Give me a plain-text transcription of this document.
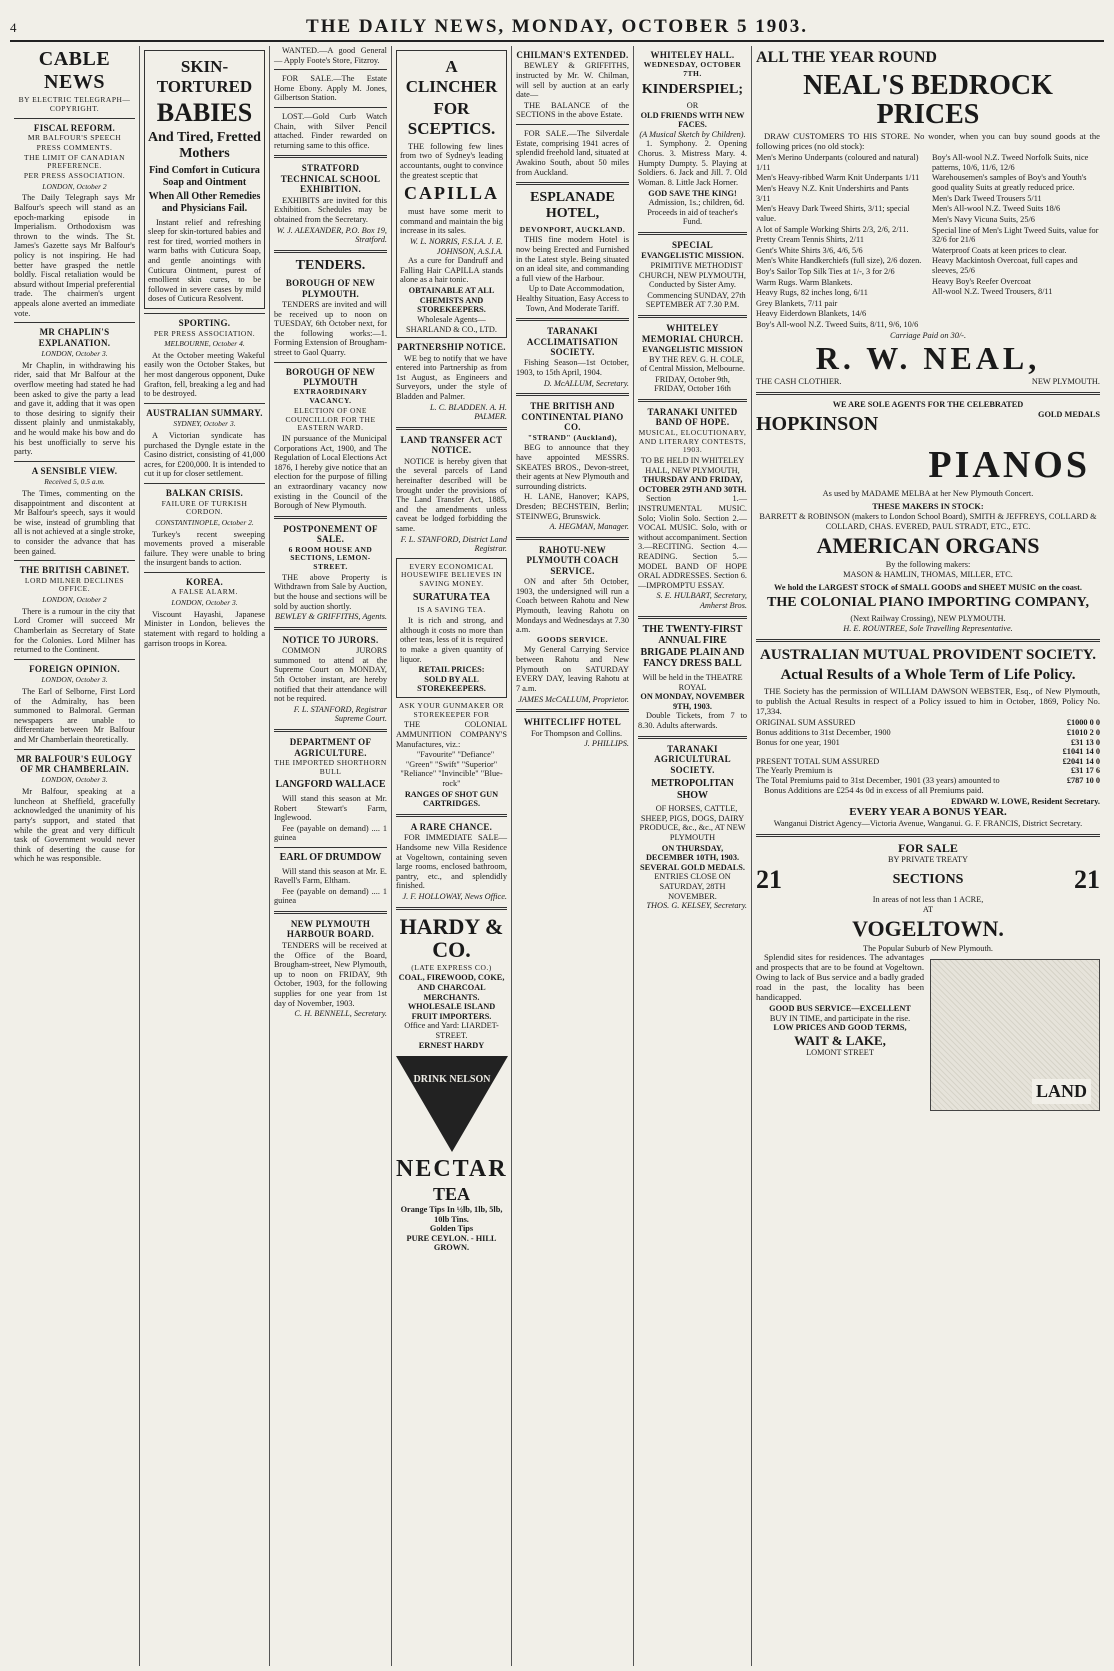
4	THE DAILY NEWS, MONDAY, OCTOBER 5 1903.
CABLE NEWS
BY ELECTRIC TELEGRAPH—COPYRIGHT.
FISCAL REFORM.
MR BALFOUR'S SPEECH
PRESS COMMENTS.
THE LIMIT OF CANADIAN PREFERENCE.
PER PRESS ASSOCIATION.
LONDON, October 2

The Daily Telegraph says Mr Balfour's speech will stand as an epoch-marking episode in Imperialism. Orthodoxism was thrown to the winds. The St. James's Gazette says Mr Balfour's policy is not inspiring. He had better have grasped the nettle boldly. Fiscal retaliation would be absurd without Imperial preferential trade. The chairmen's urgent appeals alone averted an immediate vote.

MR CHAPLIN'S EXPLANATION.
LONDON, October 3.

Mr Chaplin, in withdrawing his rider, said that Mr Balfour at the overflow meeting had stated he had been asked to give the party a lead and gave it, adding that it was open to those desiring to signify their dissent plainly and unmistakably, and he would make his bow and do his best unofficially to serve his party.

A SENSIBLE VIEW.
Received 5, 0.5 a.m.

The Times, commenting on the disappointment and discontent at Mr Balfour's speech, says it would be wise, instead of grumbling that all is not achieved at a single stroke, to consider the advance that has been gained.

THE BRITISH CABINET.
LORD MILNER DECLINES OFFICE.
LONDON, October 2

There is a rumour in the city that Lord Cromer will succeed Mr Chamberlain as Secretary of State for the Colonies. Lord Milner has returned to the Continent.

FOREIGN OPINION.
LONDON, October 3.

The Earl of Selborne, First Lord of the Admiralty, has been summoned to Balmoral. German newspapers are unable to differentiate between Mr Balfour and Mr Chamberlain theoretically.

MR BALFOUR'S EULOGY OF MR CHAMBERLAIN.
LONDON, October 3.

Mr Balfour, speaking at a luncheon at Sheffield, gracefully acknowledged the unanimity of his party's support, and stated that while the great and very difficult task of Government would never think of deserting the cause for which he was responsible.

SKIN-TORTURED
BABIES
And Tired, Fretted Mothers
Find Comfort in Cuticura Soap and Ointment
When All Other Remedies and Physicians Fail.

Instant relief and refreshing sleep for skin-tortured babies and rest for tired, worried mothers in warm baths with Cuticura Soap, and gentle anointings with Cuticura Ointment, purest of emollient skin cures, to be followed in severe cases by mild doses of Cuticura Resolvent.

SPORTING.
PER PRESS ASSOCIATION.
MELBOURNE, October 4.

At the October meeting Wakeful easily won the October Stakes, but her most dangerous opponent, Duke Grafton, fell, breaking a leg and had to be destroyed.

AUSTRALIAN SUMMARY.
SYDNEY, October 3.

A Victorian syndicate has purchased the Dyngle estate in the Casino district, consisting of 41,000 acres, for £200,000. It is intended to cut it up for closer settlement.

BALKAN CRISIS.
FAILURE OF TURKISH CORDON.
CONSTANTINOPLE, October 2.

Turkey's recent sweeping movements proved a miserable failure. They were unable to bring the insurgent bands to action.

KOREA.
A FALSE ALARM.
LONDON, October 3.

Viscount Hayashi, Japanese Minister in London, believes the statement with regard to holding a garrison troops in Korea.

WANTED.—A good General — Apply Foote's Store, Fitzroy.

FOR SALE.—The Estate Home Ebony. Apply M. Jones, Gilbertson Station.

LOST.—Gold Curb Watch Chain, with Silver Pencil attached. Finder rewarded on returning same to this office.

STRATFORD TECHNICAL SCHOOL EXHIBITION.

EXHIBITS are invited for this Exhibition. Schedules may be obtained from the Secretary.

W. J. ALEXANDER, P.O. Box 19, Stratford.
TENDERS.
BOROUGH OF NEW PLYMOUTH.

TENDERS are invited and will be received up to noon on TUESDAY, 6th October next, for the following works:—1. Forming Extension of Brougham-street to Gaol Quarry.

BOROUGH OF NEW PLYMOUTH
EXTRAORDINARY VACANCY.
ELECTION OF ONE COUNCILLOR FOR THE EASTERN WARD.

IN pursuance of the Municipal Corporations Act, 1900, and The Regulation of Local Elections Act 1876, I hereby give notice that an election for the purpose of filling an extraordinary vacancy now existing in the Council of the Borough of New Plymouth.

POSTPONEMENT OF SALE.
6 ROOM HOUSE AND SECTIONS, LEMON-STREET.

THE above Property is Withdrawn from Sale by Auction, but the house and sections will be sold by auction shortly.

BEWLEY & GRIFFITHS, Agents.
NOTICE TO JURORS.

COMMON JURORS summoned to attend at the Supreme Court on MONDAY, 5th October instant, are hereby notified that their attendance will not be required.

F. L. STANFORD, Registrar Supreme Court.
DEPARTMENT OF AGRICULTURE.
THE IMPORTED SHORTHORN BULL
LANGFORD WALLACE

Will stand this season at Mr. Robert Stewart's Farm, Inglewood.

Fee (payable on demand) .... 1 guinea

EARL OF DRUMDOW

Will stand this season at Mr. E. Ravell's Farm, Eltham.

Fee (payable on demand) .... 1 guinea

NEW PLYMOUTH HARBOUR BOARD.

TENDERS will be received at the Office of the Board, Brougham-street, New Plymouth, up to noon on FRIDAY, 9th October, 1903, for the following supplies for one year from 1st day of November, 1903.

C. H. BENNELL, Secretary.
A CLINCHER
FOR SCEPTICS.

THE following few lines from two of Sydney's leading accountants, ought to convince the greatest sceptic that

CAPILLA

must have some merit to command and maintain the big increase in its sales.

W. L. NORRIS, F.S.I.A. J. E. JOHNSON, A.S.I.A.

As a cure for Dandruff and Falling Hair CAPILLA stands alone as a hair tonic.

OBTAINABLE AT ALL CHEMISTS AND STOREKEEPERS.
Wholesale Agents—SHARLAND & CO., LTD.
PARTNERSHIP NOTICE.

WE beg to notify that we have entered into Partnership as from 1st August, as Engineers and Surveyors, under the style of Bladden and Palmer.

L. C. BLADDEN. A. H. PALMER.
LAND TRANSFER ACT NOTICE.

NOTICE is hereby given that the several parcels of Land hereinafter described will be brought under the provisions of The Land Transfer Act, 1885, and the amendments unless caveat be lodged forbidding the same.

F. L. STANFORD, District Land Registrar.
EVERY ECONOMICAL HOUSEWIFE BELIEVES IN SAVING MONEY.
SURATURA TEA
IS A SAVING TEA.

It is rich and strong, and although it costs no more than other teas, less of it is required to make a given quantity of liquor.

RETAIL PRICES:
SOLD BY ALL STOREKEEPERS.
ASK YOUR GUNMAKER OR STOREKEEPER FOR

THE COLONIAL AMMUNITION COMPANY'S Manufactures, viz.:

"Favourite" "Defiance" "Green" "Swift" "Superior" "Reliance" "Invincible" "Blue-rock"

RANGES OF SHOT GUN CARTRIDGES.
A RARE CHANCE.

FOR IMMEDIATE SALE—Handsome new Villa Residence at Vogeltown, containing seven large rooms, enclosed bathroom, pantry, etc., and splendidly finished.

J. F. HOLLOWAY, News Office.
HARDY & CO.
(LATE EXPRESS CO.)
COAL, FIREWOOD, COKE, AND CHARCOAL MERCHANTS.
WHOLESALE ISLAND FRUIT IMPORTERS.
Office and Yard: LIARDET-STREET.
ERNEST HARDY
DRINK NELSON
NECTAR
TEA
Orange Tips In ½lb, 1lb, 5lb, 10lb Tins.
Golden Tips
PURE CEYLON. - HILL GROWN.
CHILMAN'S EXTENDED.

BEWLEY & GRIFFITHS, instructed by Mr. W. Chilman, will sell by auction at an early date—

THE BALANCE of the SECTIONS in the above Estate.

FOR SALE.—The Silverdale Estate, comprising 1941 acres of splendid freehold land, situated at Awakino South, about 50 miles from Auckland.

ESPLANADE HOTEL,
DEVONPORT, AUCKLAND.

THIS fine modern Hotel is now being Erected and Furnished in the Latest style. Being situated on an ideal site, and commanding a full view of the Harbour.

Up to Date Accommodation, Healthy Situation, Easy Access to Town, And Moderate Tariff.

TARANAKI ACCLIMATISATION SOCIETY.

Fishing Season—1st October, 1903, to 15th April, 1904.

D. McALLUM, Secretary.
THE BRITISH AND CONTINENTAL PIANO CO.
"STRAND" (Auckland),

BEG to announce that they have appointed MESSRS. SKEATES BROS., Devon-street, their agents at New Plymouth and surrounding districts.

H. LANE, Hanover; KAPS, Dresden; BECHSTEIN, Berlin; STEINWEG, Brunswick.

A. HEGMAN, Manager.
RAHOTU-NEW PLYMOUTH COACH SERVICE.

ON and after 5th October, 1903, the undersigned will run a Coach between Rahotu and New Plymouth, leaving Rahotu on Mondays and Wednesdays at 7.30 a.m.

GOODS SERVICE.

My General Carrying Service between Rahotu and New Plymouth on SATURDAY EVERY DAY, leaving Rahotu at 7 a.m.

JAMES McCALLUM, Proprietor.
WHITECLIFF HOTEL

For Thompson and Collins.

J. PHILLIPS.
WHITELEY HALL.
WEDNESDAY, OCTOBER 7TH.
KINDERSPIEL;
OR
OLD FRIENDS WITH NEW FACES.
(A Musical Sketch by Children).

1. Symphony. 2. Opening Chorus. 3. Mistress Mary. 4. Humpty Dumpty. 5. Playing at Soldiers. 6. Jack and Jill. 7. Old Woman. 8. Little Jack Horner.

GOD SAVE THE KING!

Admission, 1s.; children, 6d. Proceeds in aid of teacher's Fund.

SPECIAL
EVANGELISTIC MISSION.

PRIMITIVE METHODIST CHURCH, NEW PLYMOUTH, Conducted by Sister Amy.

Commencing SUNDAY, 27th SEPTEMBER AT 7.30 P.M.

WHITELEY MEMORIAL CHURCH.
EVANGELISTIC MISSION

BY THE REV. G. H. COLE, of Central Mission, Melbourne.

FRIDAY, October 9th,
FRIDAY, October 16th
TARANAKI UNITED BAND OF HOPE.
MUSICAL, ELOCUTIONARY, AND LITERARY CONTESTS, 1903.
TO BE HELD IN WHITELEY HALL, NEW PLYMOUTH,
THURSDAY AND FRIDAY, OCTOBER 29TH AND 30TH.

Section 1.—INSTRUMENTAL MUSIC. Solo; Violin Solo. Section 2.—VOCAL MUSIC. Solo, with or without accompaniment. Section 3.—RECITING. Section 4.—READING. Section 5.—MODEL BAND OF HOPE ORAL ADDRESSES. Section 6.—IMPROMPTU ESSAY.

S. E. HULBART, Secretary, Amherst Bros.
THE TWENTY-FIRST ANNUAL FIRE BRIGADE PLAIN AND FANCY DRESS BALL
Will be held in the THEATRE ROYAL
ON MONDAY, NOVEMBER 9TH, 1903.

Double Tickets, from 7 to 8.30. Adults afterwards.

TARANAKI AGRICULTURAL SOCIETY.
METROPOLITAN SHOW

OF HORSES, CATTLE, SHEEP, PIGS, DOGS, DAIRY PRODUCE, &c., &c., AT NEW PLYMOUTH

ON THURSDAY, DECEMBER 10TH, 1903.
SEVERAL GOLD MEDALS.
ENTRIES CLOSE ON SATURDAY, 28TH NOVEMBER.
THOS. G. KELSEY, Secretary.
ALL THE YEAR ROUND
NEAL'S BEDROCK PRICES

DRAW CUSTOMERS TO HIS STORE. No wonder, when you can buy sound goods at the following prices (no old stock):

Men's Merino Underpants (coloured and natural) 1/11
Men's Heavy-ribbed Warm Knit Underpants 1/11
Men's Heavy N.Z. Knit Undershirts and Pants 3/11
Men's Heavy Dark Tweed Shirts, 3/11; special value.
A lot of Sample Working Shirts 2/3, 2/6, 2/11.
Pretty Cream Tennis Shirts, 2/11
Gent's White Shirts 3/6, 4/6, 5/6
Men's White Handkerchiefs (full size), 2/6 dozen.
Boy's Sailor Top Silk Ties at 1/-, 3 for 2/6
Warm Rugs. Warm Blankets.
Heavy Rugs, 82 inches long, 6/11
Grey Blankets, 7/11 pair
Heavy Eiderdown Blankets, 14/6
Boy's All-wool N.Z. Tweed Suits, 8/11, 9/6, 10/6
Boy's All-wool N.Z. Tweed Norfolk Suits, nice patterns, 10/6, 11/6, 12/6
Warehousemen's samples of Boy's and Youth's good quality Suits at greatly reduced price.
Men's Dark Tweed Trousers 5/11
Men's All-wool N.Z. Tweed Suits 18/6
Men's Navy Vicuna Suits, 25/6
Special line of Men's Light Tweed Suits, value for 32/6 for 21/6
Waterproof Coats at keen prices to clear.
Heavy Mackintosh Overcoat, full capes and sleeves, 25/6
Heavy Boy's Reefer Overcoat
All-wool N.Z. Tweed Trousers, 8/11
Carriage Paid on 30/-.
R. W. NEAL,
THE CASH CLOTHIER.	NEW PLYMOUTH.
WE ARE SOLE AGENTS FOR THE CELEBRATED
HOPKINSON	GOLD MEDALS
PIANOS
As used by MADAME MELBA at her New Plymouth Concert.
THESE MAKERS IN STOCK:
BARRETT & ROBINSON (makers to London School Board), SMITH & JEFFREYS, COLLARD & COLLARD, CHAS. EVERED, PAUL STRADT, ETC., ETC.
AMERICAN ORGANS
By the following makers:
MASON & HAMLIN, THOMAS, MILLER, ETC.
We hold the LARGEST STOCK of SMALL GOODS and SHEET MUSIC on the coast.
THE COLONIAL PIANO IMPORTING COMPANY,
(Next Railway Crossing), NEW PLYMOUTH.
H. E. ROUNTREE, Sole Travelling Representative.
AUSTRALIAN MUTUAL PROVIDENT SOCIETY.
Actual Results of a Whole Term of Life Policy.

THE Society has the permission of WILLIAM DAWSON WEBSTER, Esq., of New Plymouth, to publish the Actual Results in respect of a Policy issued to him in October, 1869, Policy No. 17,334.

ORIGINAL SUM ASSURED	£1000 0 0
Bonus additions to 31st December, 1900	£1010 2 0
Bonus for one year, 1901	£31 13 0
£1041 14 0
PRESENT TOTAL SUM ASSURED	£2041 14 0
The Yearly Premium is	£31 17 6
The Total Premiums paid to 31st December, 1901 (33 years) amounted to	£787 10 0

Bonus Additions are £254 4s 0d in excess of all Premiums paid.

EDWARD W. LOWE, Resident Secretary.
EVERY YEAR A BONUS YEAR.
Wanganui District Agency—Victoria Avenue, Wanganui. G. F. FRANCIS, District Secretary.
FOR SALE
BY PRIVATE TREATY
21	SECTIONS	21
In areas of not less than 1 ACRE,
AT
VOGELTOWN.
The Popular Suburb of New Plymouth.

Splendid sites for residences. The advantages and prospects that are to be found at Vogeltown. Owing to lack of Bus service and a badly graded road in the past, the locality has been handicapped.

GOOD BUS SERVICE—EXCELLENT
BUY IN TIME, and participate in the rise.
LOW PRICES AND GOOD TERMS,
WAIT & LAKE,
LOMONT STREET
LAND
